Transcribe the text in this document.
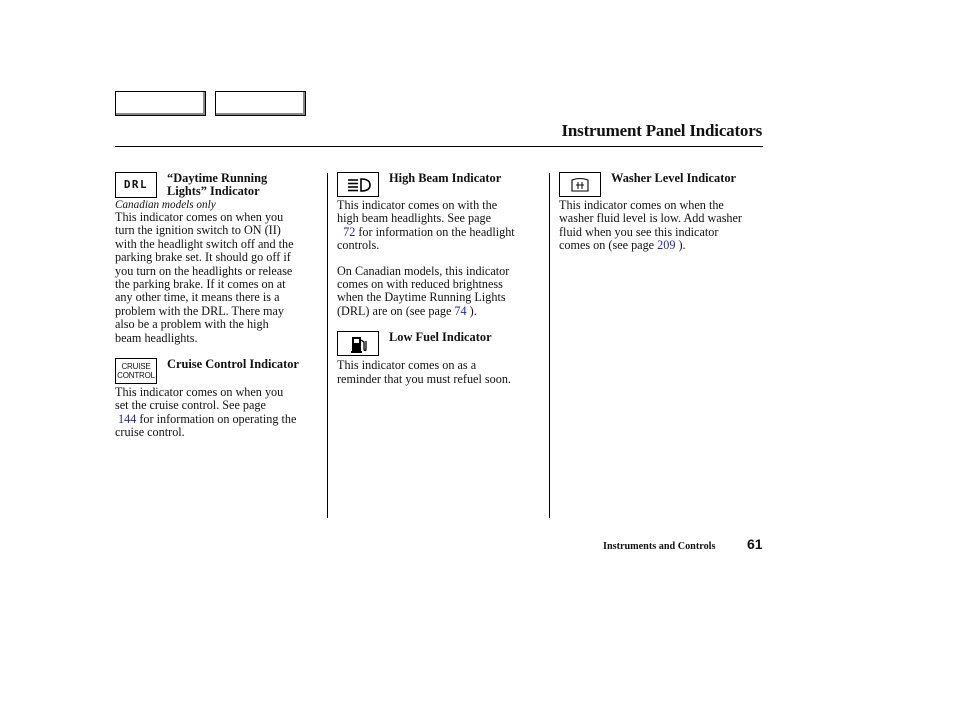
Instrument Panel Indicators
DRL “Daytime Running
Lights” Indicator
Canadian models only
This indicator comes on when you
turn the ignition switch to ON (II)
with the headlight switch off and the
parking brake set. It should go off if
you turn on the headlights or release
the parking brake. If it comes on at
any other time, it means there is a
problem with the DRL. There may
also be a problem with the high
beam headlights.
CRUISE
CONTROL
Cruise Control Indicator
This indicator comes on when you
set the cruise control. See page
144 for information on operating the
cruise control.
High Beam Indicator
This indicator comes on with the
high beam headlights. See page
72 for information on the headlight
controls.
On Canadian models, this indicator
comes on with reduced brightness
when the Daytime Running Lights
(DRL) are on (see page 74 ).
Low Fuel Indicator
This indicator comes on as a
reminder that you must refuel soon.
Washer Level Indicator
This indicator comes on when the
washer fluid level is low. Add washer
fluid when you see this indicator
comes on (see page 209 ).
Instruments and Controls 61
